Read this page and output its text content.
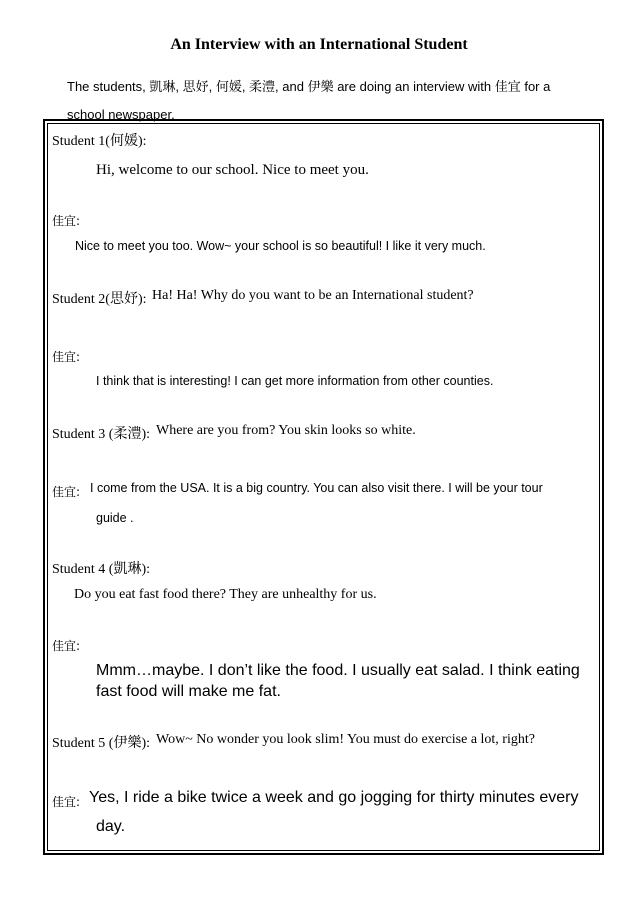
An Interview with an International Student
The students, 凱琳, 思妤, 何媛, 柔澧, and 伊樂 are doing an interview with 佳宜 for a
school newspaper.
Student 1(何媛):
Hi, welcome to our school. Nice to meet you.
佳宜:
Nice to meet you too. Wow~ your school is so beautiful! I like it very much.
Student 2(思妤): Ha! Ha! Why do you want to be an International student?
佳宜:
I think that is interesting! I can get more information from other counties.
Student 3 (柔澧): Where are you from? You skin looks so white.
佳宜: I come from the USA. It is a big country. You can also visit there. I will be your tour
guide .
Student 4 (凱琳):
Do you eat fast food there? They are unhealthy for us.
佳宜:
Mmm…maybe. I don’t like the food. I usually eat salad. I think eating
fast food will make me fat.
Student 5 (伊樂): Wow~ No wonder you look slim! You must do exercise a lot, right?
佳宜: Yes, I ride a bike twice a week and go jogging for thirty minutes every
day.
